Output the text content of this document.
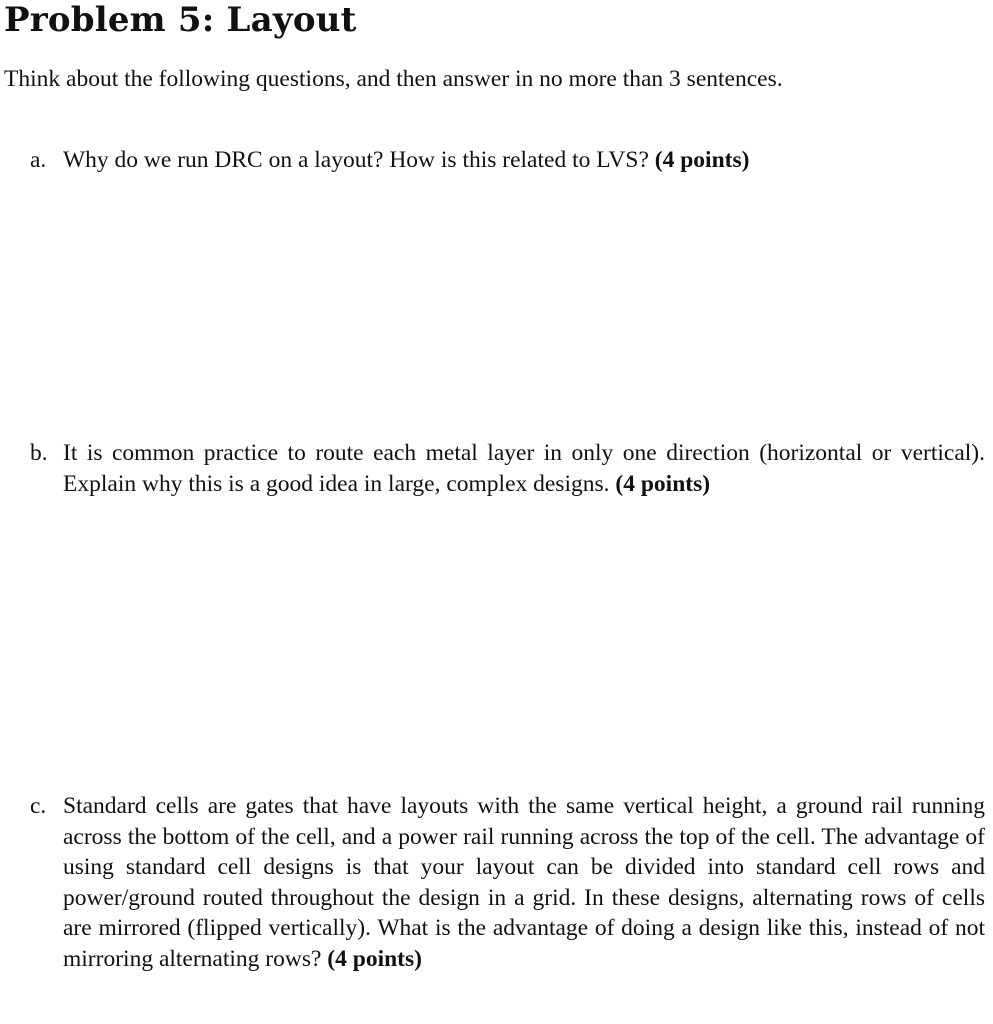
Problem 5: Layout

Think about the following questions, and then answer in no more than 3 sentences.

a. Why do we run DRC on a layout? How is this related to LVS? (4 points)
b. It is common practice to route each metal layer in only one direction (horizontal or vertical). Explain why this is a good idea in large, complex designs. (4 points)
c. Standard cells are gates that have layouts with the same vertical height, a ground rail running across the bottom of the cell, and a power rail running across the top of the cell. The advantage of using standard cell designs is that your layout can be divided into standard cell rows and power/ground routed throughout the design in a grid. In these designs, alternating rows of cells are mirrored (flipped vertically). What is the advantage of doing a design like this, instead of not mirroring alternating rows? (4 points)
